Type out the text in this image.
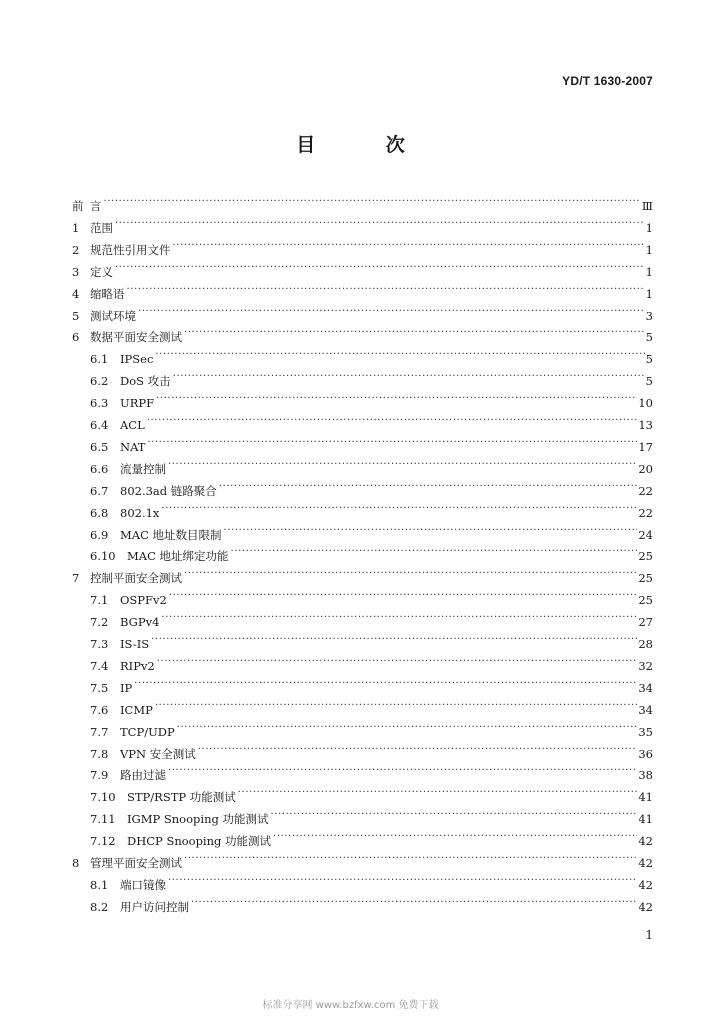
YD/T 1630-2007
目 次
前 言 ·····	Ⅲ
1 范围 ·····	1
2 规范性引用文件 ·····	1
3 定义 ·····	1
4 缩略语 ·····	1
5 测试环境 ·····	3
6 数据平面安全测试 ·····	5
6.1	IPSec ·····	5
6.2	DoS 攻击 ·····	5
6.3	URPF ·····	10
6.4	ACL ·····	13
6.5	NAT ·····	17
6.6	流量控制 ·····	20
6.7	802.3ad 链路聚合 ·····	22
6.8	802.1x ·····	22
6.9	MAC 地址数目限制 ·····	24
6.10 MAC 地址绑定功能 ·····	25
7 控制平面安全测试 ·····	25
7.1	OSPFv2 ·····	25
7.2	BGPv4 ·····	27
7.3	IS-IS ·····	28
7.4	RIPv2 ·····	32
7.5	IP ·····	34
7.6	ICMP ·····	34
7.7	TCP/UDP ·····	35
7.8	VPN 安全测试 ·····	36
7.9	路由过滤 ·····	38
7.10 STP/RSTP 功能测试 ·····	41
7.11 IGMP Snooping 功能测试 ·····	41
7.12 DHCP Snooping 功能测试 ·····	42
8 管理平面安全测试 ·····	42
8.1	端口镜像 ·····	42
8.2	用户访问控制 ·····	42
1
标准分享网 www.bzfxw.com 免费下载
